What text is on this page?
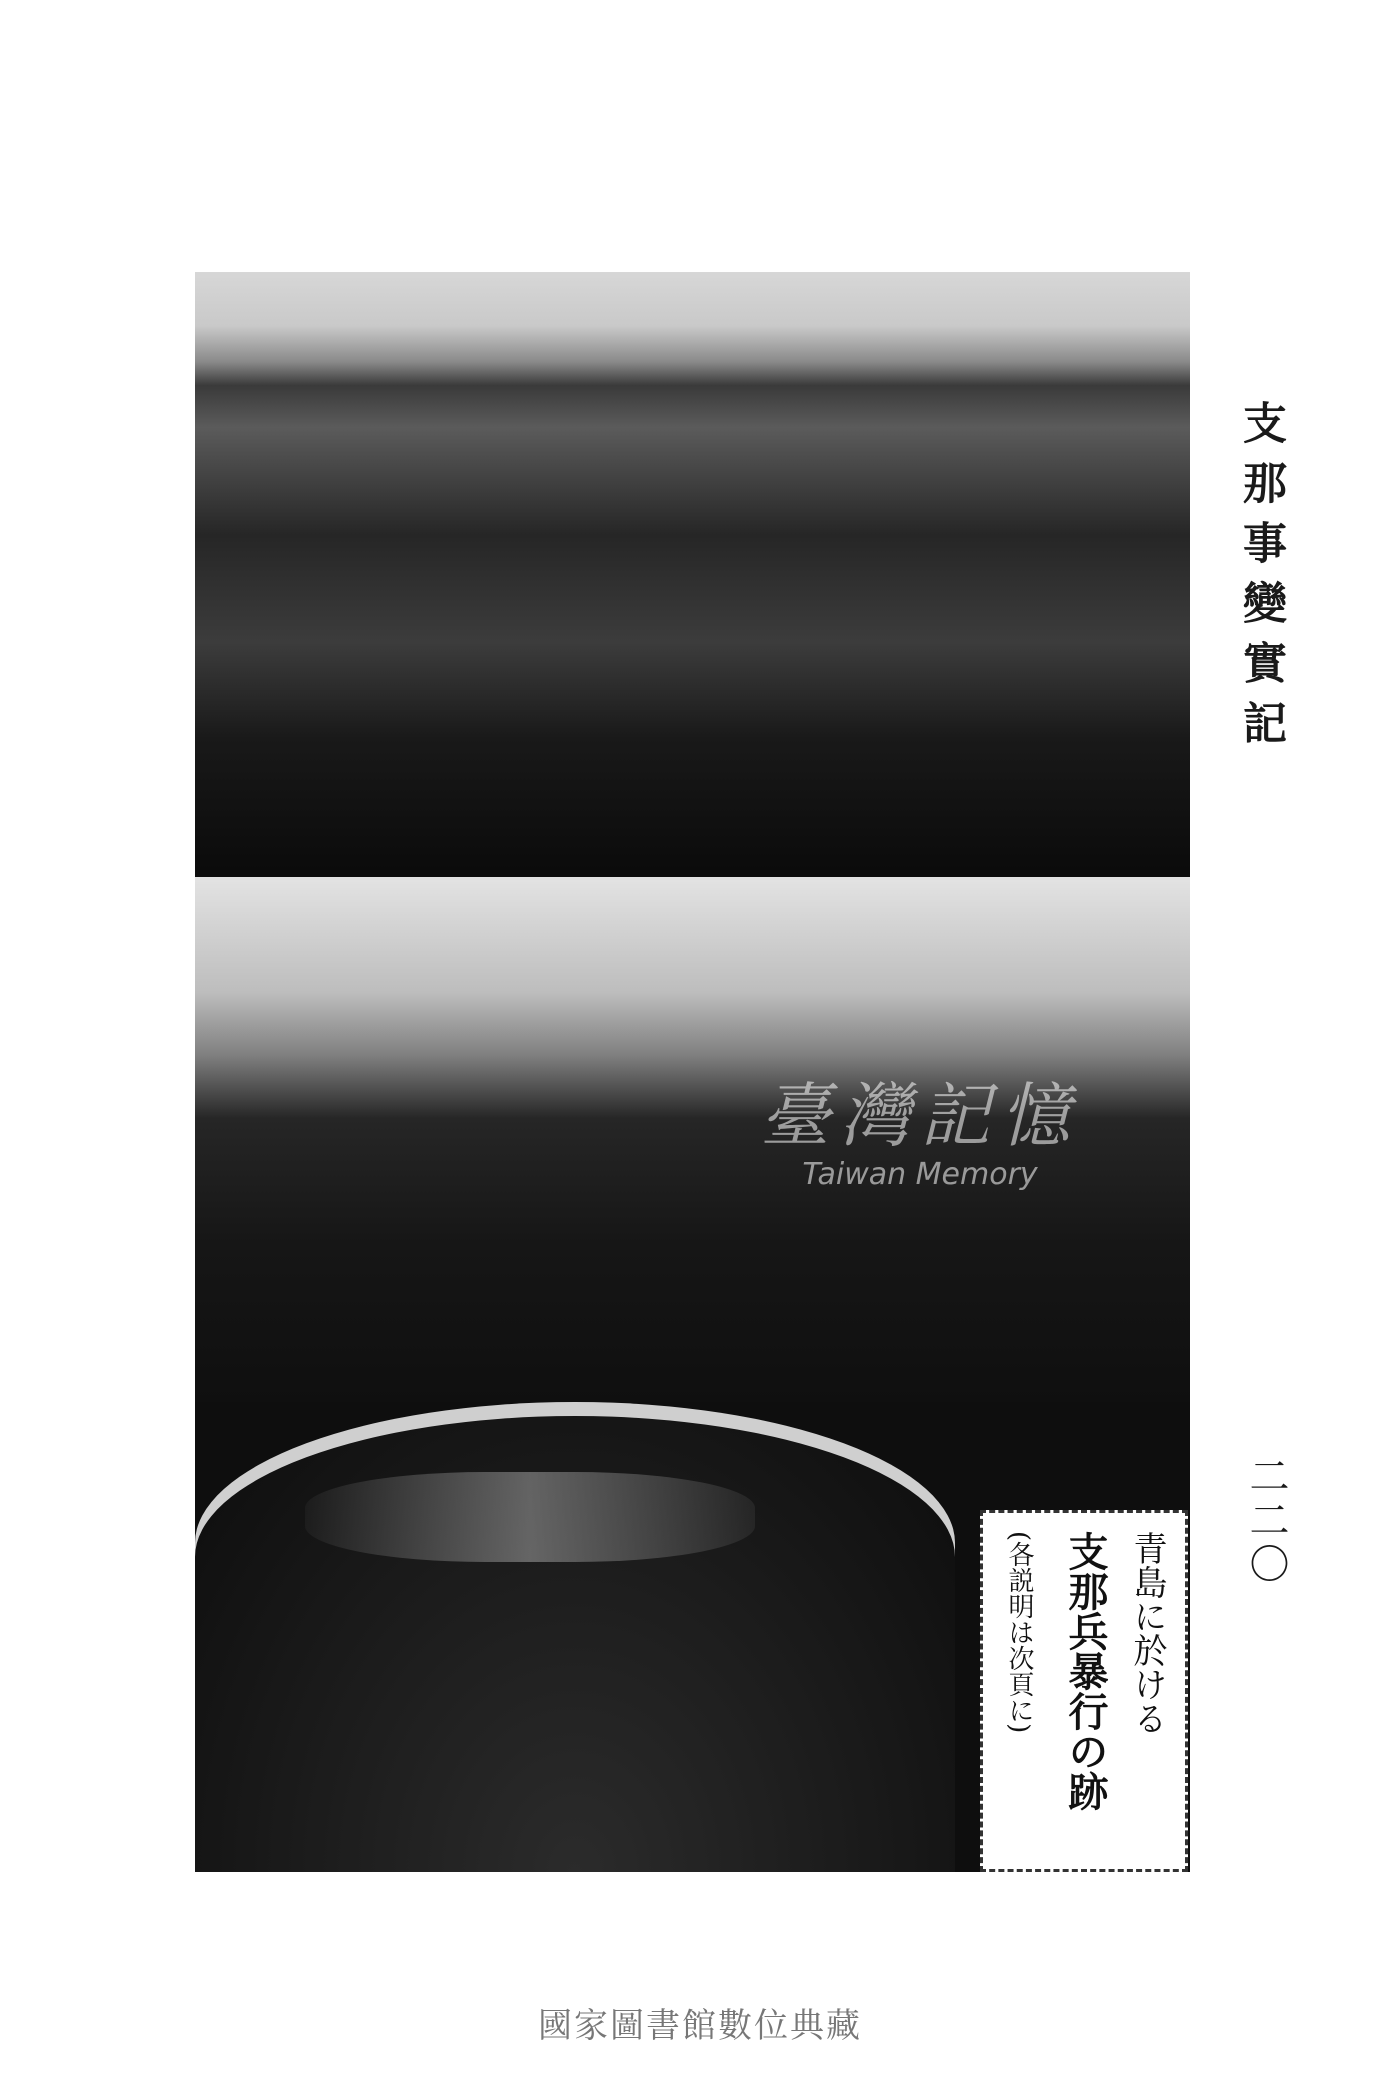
支那事變實記
臺灣記憶
Taiwan Memory
青島に於ける
支那兵暴行の跡
(各説明は次頁に)
二二〇
國家圖書館數位典藏
